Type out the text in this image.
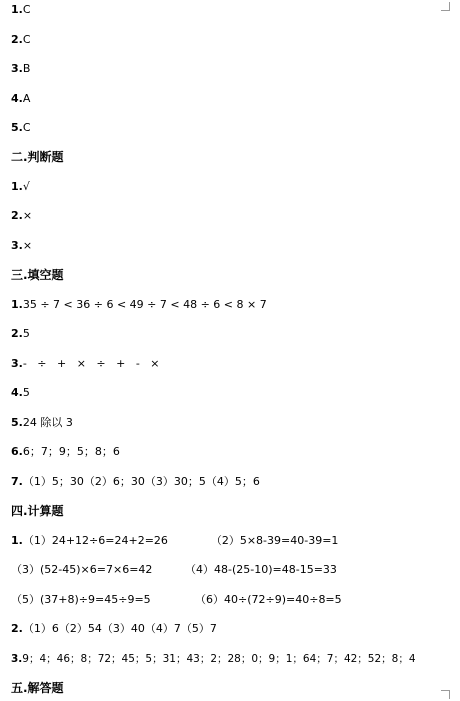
1.C
2.C
3.B
4.A
5.C
二.判断题
1.√
2.×
3.×
三.填空题
1.35 ÷ 7 < 36 ÷ 6 < 49 ÷ 7 < 48 ÷ 6 < 8 × 7
2.5
3.-   ÷   +   ×   ÷   +   -   ×
4.5
5.24 除以 3
6.6；7；9；5；8；6
7.（1）5；30（2）6；30（3）30；5（4）5；6
四.计算题
1.（1）24+12÷6=24+2=26	（2）5×8-39=40-39=1
（3）(52-45)×6=7×6=42	（4）48-(25-10)=48-15=33
（5）(37+8)÷9=45÷9=5	（6）40÷(72÷9)=40÷8=5
2.（1）6（2）54（3）40（4）7（5）7
3.9；4；46；8；72；45；5；31；43；2；28；0；9；1；64；7；42；52；8；4
五.解答题
